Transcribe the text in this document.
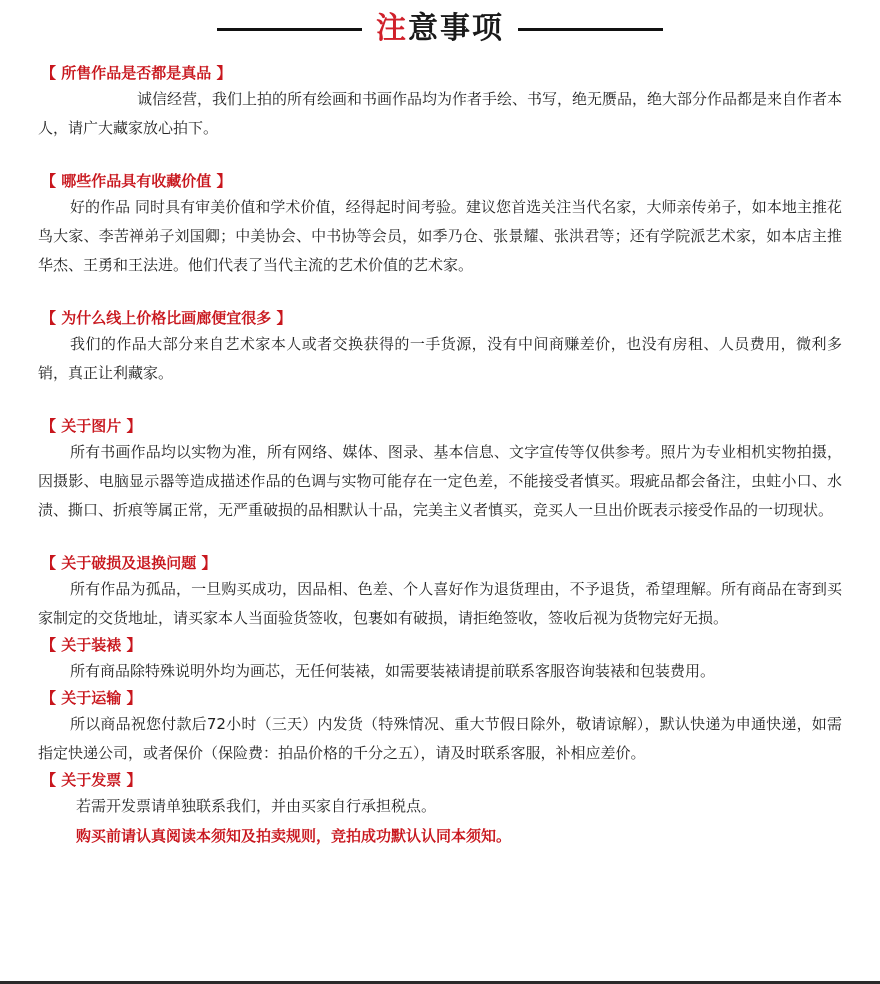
注意事项
【 所售作品是否都是真品 】

诚信经营，我们上拍的所有绘画和书画作品均为作者手绘、书写，绝无赝品，绝大部分作品都是来自作者本人，请广大藏家放心拍下。

【 哪些作品具有收藏价值 】

好的作品 同时具有审美价值和学术价值，经得起时间考验。建议您首选关注当代名家，大师亲传弟子，如本地主推花鸟大家、李苦禅弟子刘国卿；中美协会、中书协等会员，如季乃仓、张景耀、张洪君等；还有学院派艺术家，如本店主推华杰、王勇和王法进。他们代表了当代主流的艺术价值的艺术家。

【 为什么线上价格比画廊便宜很多 】

我们的作品大部分来自艺术家本人或者交换获得的一手货源，没有中间商赚差价，也没有房租、人员费用，微利多销，真正让利藏家。

【 关于图片 】

所有书画作品均以实物为准，所有网络、媒体、图录、基本信息、文字宣传等仅供参考。照片为专业相机实物拍摄，因摄影、电脑显示器等造成描述作品的色调与实物可能存在一定色差，不能接受者慎买。瑕疵品都会备注，虫蛀小口、水渍、撕口、折痕等属正常，无严重破损的品相默认十品，完美主义者慎买，竞买人一旦出价既表示接受作品的一切现状。

【 关于破损及退换问题 】

所有作品为孤品，一旦购买成功，因品相、色差、个人喜好作为退货理由，不予退货，希望理解。所有商品在寄到买家制定的交货地址，请买家本人当面验货签收，包裹如有破损，请拒绝签收，签收后视为货物完好无损。

【 关于装裱 】

所有商品除特殊说明外均为画芯，无任何装裱，如需要装裱请提前联系客服咨询装裱和包装费用。

【 关于运输 】

所以商品祝您付款后72小时（三天）内发货（特殊情况、重大节假日除外，敬请谅解），默认快递为申通快递，如需指定快递公司，或者保价（保险费：拍品价格的千分之五），请及时联系客服，补相应差价。

【 关于发票 】

若需开发票请单独联系我们，并由买家自行承担税点。

购买前请认真阅读本须知及拍卖规则，竞拍成功默认认同本须知。
